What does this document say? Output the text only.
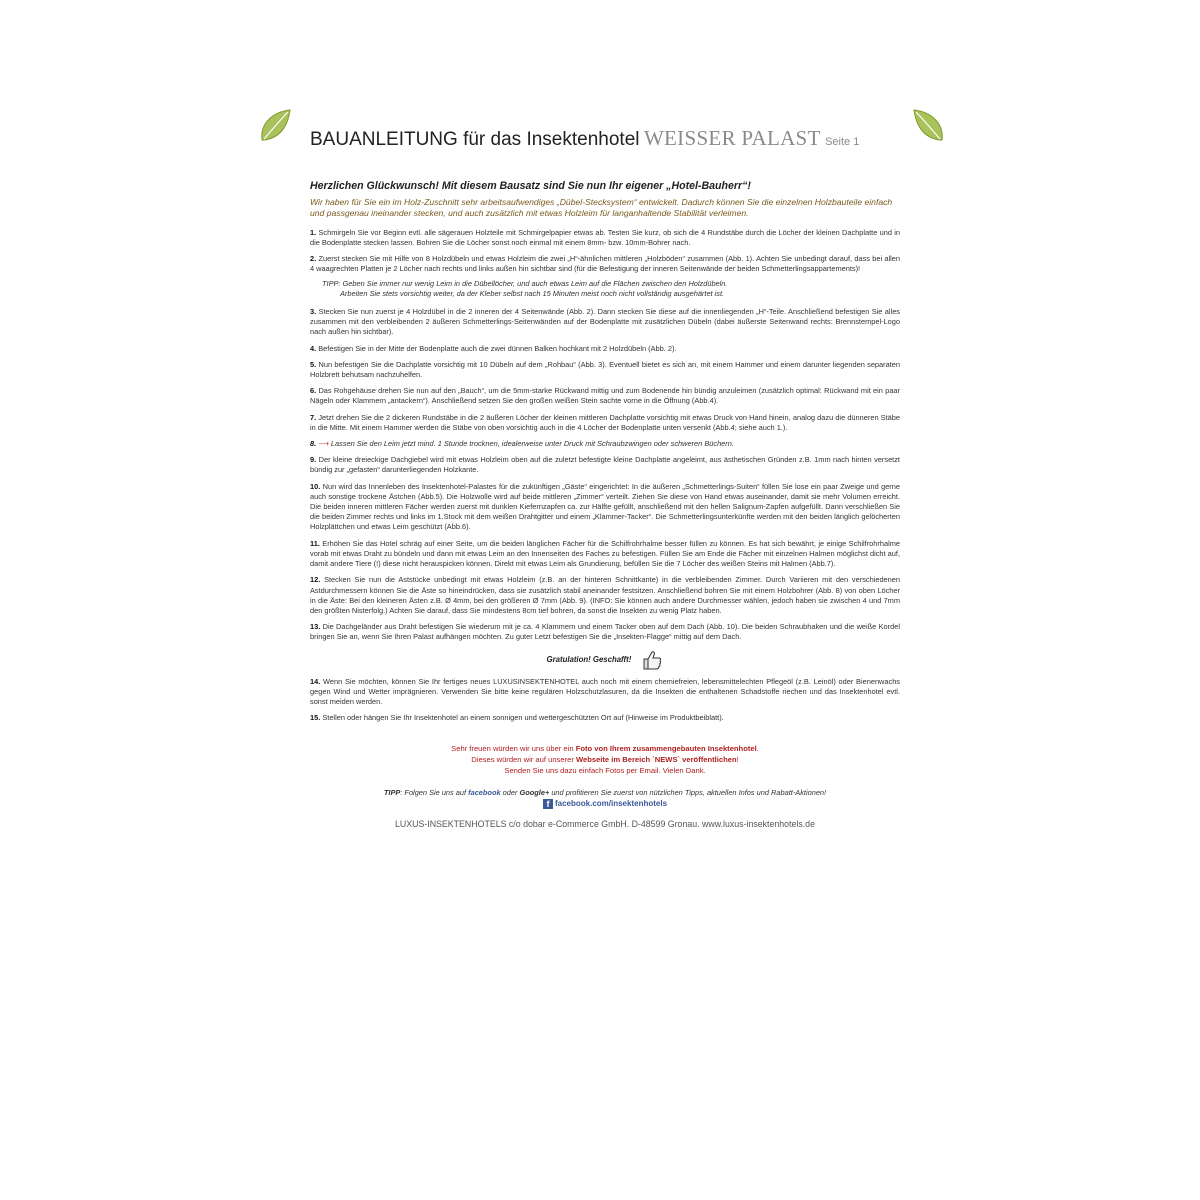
BAUANLEITUNG für das Insektenhotel WEISSER PALAST Seite 1

Herzlichen Glückwunsch! Mit diesem Bausatz sind Sie nun Ihr eigener „Hotel-Bauherr“!

Wir haben für Sie ein im Holz-Zuschnitt sehr arbeitsaufwendiges „Dübel-Stecksystem“ entwickelt. Dadurch können Sie die einzelnen Holzbauteile einfach und passgenau ineinander stecken, und auch zusätzlich mit etwas Holzleim für langanhaltende Stabilität verleimen.

1. Schmirgeln Sie vor Beginn evtl. alle sägerauen Holzteile mit Schmirgelpapier etwas ab. Testen Sie kurz, ob sich die 4 Rundstäbe durch die Löcher der kleinen Dachplatte und in die Bodenplatte stecken lassen. Bohren Sie die Löcher sonst noch einmal mit einem 8mm- bzw. 10mm-Bohrer nach.

2. Zuerst stecken Sie mit Hilfe von 8 Holzdübeln und etwas Holzleim die zwei „H“-ähnlichen mittleren „Holzböden“ zusammen (Abb. 1). Achten Sie unbedingt darauf, dass bei allen 4 waagrechten Platten je 2 Löcher nach rechts und links außen hin sichtbar sind (für die Befestigung der inneren Seitenwände der beiden Schmetterlingsappartements)!

TIPP: Geben Sie immer nur wenig Leim in die Dübellöcher, und auch etwas Leim auf die Flächen zwischen den Holzdübeln.
Arbeiten Sie stets vorsichtig weiter, da der Kleber selbst nach 15 Minuten meist noch nicht vollständig ausgehärtet ist.

3. Stecken Sie nun zuerst je 4 Holzdübel in die 2 inneren der 4 Seitenwände (Abb. 2). Dann stecken Sie diese auf die innenliegenden „H“-Teile. Anschließend befestigen Sie alles zusammen mit den verbleibenden 2 äußeren Schmetterlings-Seitenwänden auf der Bodenplatte mit zusätzlichen Dübeln (dabei äußerste Seitenwand rechts: Brennstempel-Logo nach außen hin sichtbar).

4. Befestigen Sie in der Mitte der Bodenplatte auch die zwei dünnen Balken hochkant mit 2 Holzdübeln (Abb. 2).

5. Nun befestigen Sie die Dachplatte vorsichtig mit 10 Dübeln auf dem „Rohbau“ (Abb. 3). Eventuell bietet es sich an, mit einem Hammer und einem darunter liegenden separaten Holzbrett behutsam nachzuhelfen.

6. Das Rohgehäuse drehen Sie nun auf den „Bauch“, um die 5mm-starke Rückwand mittig und zum Bodenende hin bündig anzuleimen (zusätzlich optimal: Rückwand mit ein paar Nägeln oder Klammern „antackern“). Anschließend setzen Sie den großen weißen Stein sachte vorne in die Öffnung (Abb.4).

7. Jetzt drehen Sie die 2 dickeren Rundstäbe in die 2 äußeren Löcher der kleinen mittleren Dachplatte vorsichtig mit etwas Druck von Hand hinein, analog dazu die dünneren Stäbe in die Mitte. Mit einem Hammer werden die Stäbe von oben vorsichtig auch in die 4 Löcher der Bodenplatte unten versenkt (Abb.4; siehe auch 1.).

8. ⟶ Lassen Sie den Leim jetzt mind. 1 Stunde trocknen, idealerweise unter Druck mit Schraubzwingen oder schweren Büchern.

9. Der kleine dreieckige Dachgiebel wird mit etwas Holzleim oben auf die zuletzt befestigte kleine Dachplatte angeleimt, aus ästhetischen Gründen z.B. 1mm nach hinten versetzt bündig zur „gefasten“ darunterliegenden Holzkante.

10. Nun wird das Innenleben des Insektenhotel-Palastes für die zukünftigen „Gäste“ eingerichtet: In die äußeren „Schmetterlings-Suiten“ füllen Sie lose ein paar Zweige und gerne auch sonstige trockene Ästchen (Abb.5). Die Holzwolle wird auf beide mittleren „Zimmer“ verteilt. Ziehen Sie diese von Hand etwas auseinander, damit sie mehr Volumen erreicht. Die beiden inneren mittleren Fächer werden zuerst mit dunklen Kiefernzapfen ca. zur Hälfte gefüllt, anschließend mit den hellen Salignum-Zapfen aufgefüllt. Dann verschließen Sie die beiden Zimmer rechts und links im 1.Stock mit dem weißen Drahtgitter und einem „Klammer-Tacker“. Die Schmetterlingsunterkünfte werden mit den beiden länglich gelöcherten Holzplättchen und etwas Leim geschützt (Abb.6).

11. Erhöhen Sie das Hotel schräg auf einer Seite, um die beiden länglichen Fächer für die Schilfrohrhalme besser füllen zu können. Es hat sich bewährt, je einige Schilfrohrhalme vorab mit etwas Draht zu bündeln und dann mit etwas Leim an den Innenseiten des Faches zu befestigen. Füllen Sie am Ende die Fächer mit einzelnen Halmen möglichst dicht auf, damit andere Tiere (!) diese nicht herauspicken können. Direkt mit etwas Leim als Grundierung, befüllen Sie die 7 Löcher des weißen Steins mit Halmen (Abb.7).

12. Stecken Sie nun die Aststücke unbedingt mit etwas Holzleim (z.B. an der hinteren Schnittkante) in die verbleibenden Zimmer. Durch Variieren mit den verschiedenen Astdurchmessern können Sie die Äste so hineindrücken, dass sie zusätzlich stabil aneinander festsitzen. Anschließend bohren Sie mit einem Holzbohrer (Abb. 8) von oben Löcher in die Äste: Bei den kleineren Ästen z.B. Ø 4mm, bei den größeren Ø 7mm (Abb. 9). (INFO: Sie können auch andere Durchmesser wählen, jedoch haben sie zwischen 4 und 7mm den größten Nisterfolg.) Achten Sie darauf, dass Sie mindestens 8cm tief bohren, da sonst die Insekten zu wenig Platz haben.

13. Die Dachgeländer aus Draht befestigen Sie wiederum mit je ca. 4 Klammern und einem Tacker oben auf dem Dach (Abb. 10). Die beiden Schraubhaken und die weiße Kordel bringen Sie an, wenn Sie Ihren Palast aufhängen möchten. Zu guter Letzt befestigen Sie die „Insekten-Flagge“ mittig auf dem Dach.

Gratulation! Geschafft!

14. Wenn Sie möchten, können Sie Ihr fertiges neues LUXUSINSEKTENHOTEL auch noch mit einem chemiefreien, lebensmittelechten Pflegeöl (z.B. Leinöl) oder Bienenwachs gegen Wind und Wetter imprägnieren. Verwenden Sie bitte keine regulären Holzschutzlasuren, da die Insekten die enthaltenen Schadstoffe riechen und das Insektenhotel evtl. sonst meiden werden.

15. Stellen oder hängen Sie Ihr Insektenhotel an einem sonnigen und wettergeschützten Ort auf (Hinweise im Produktbeiblatt).

Sehr freuen würden wir uns über ein Foto von Ihrem zusammengebauten Insektenhotel.
Dieses würden wir auf unserer Webseite im Bereich `NEWS` veröffentlichen!
Senden Sie uns dazu einfach Fotos per Email. Vielen Dank.

TIPP: Folgen Sie uns auf facebook oder Google+ und profitieren Sie zuerst von nützlichen Tipps, aktuellen Infos und Rabatt-Aktionen!

f facebook.com/insektenhotels

LUXUS-INSEKTENHOTELS c/o dobar e-Commerce GmbH. D-48599 Gronau. www.luxus-insektenhotels.de
